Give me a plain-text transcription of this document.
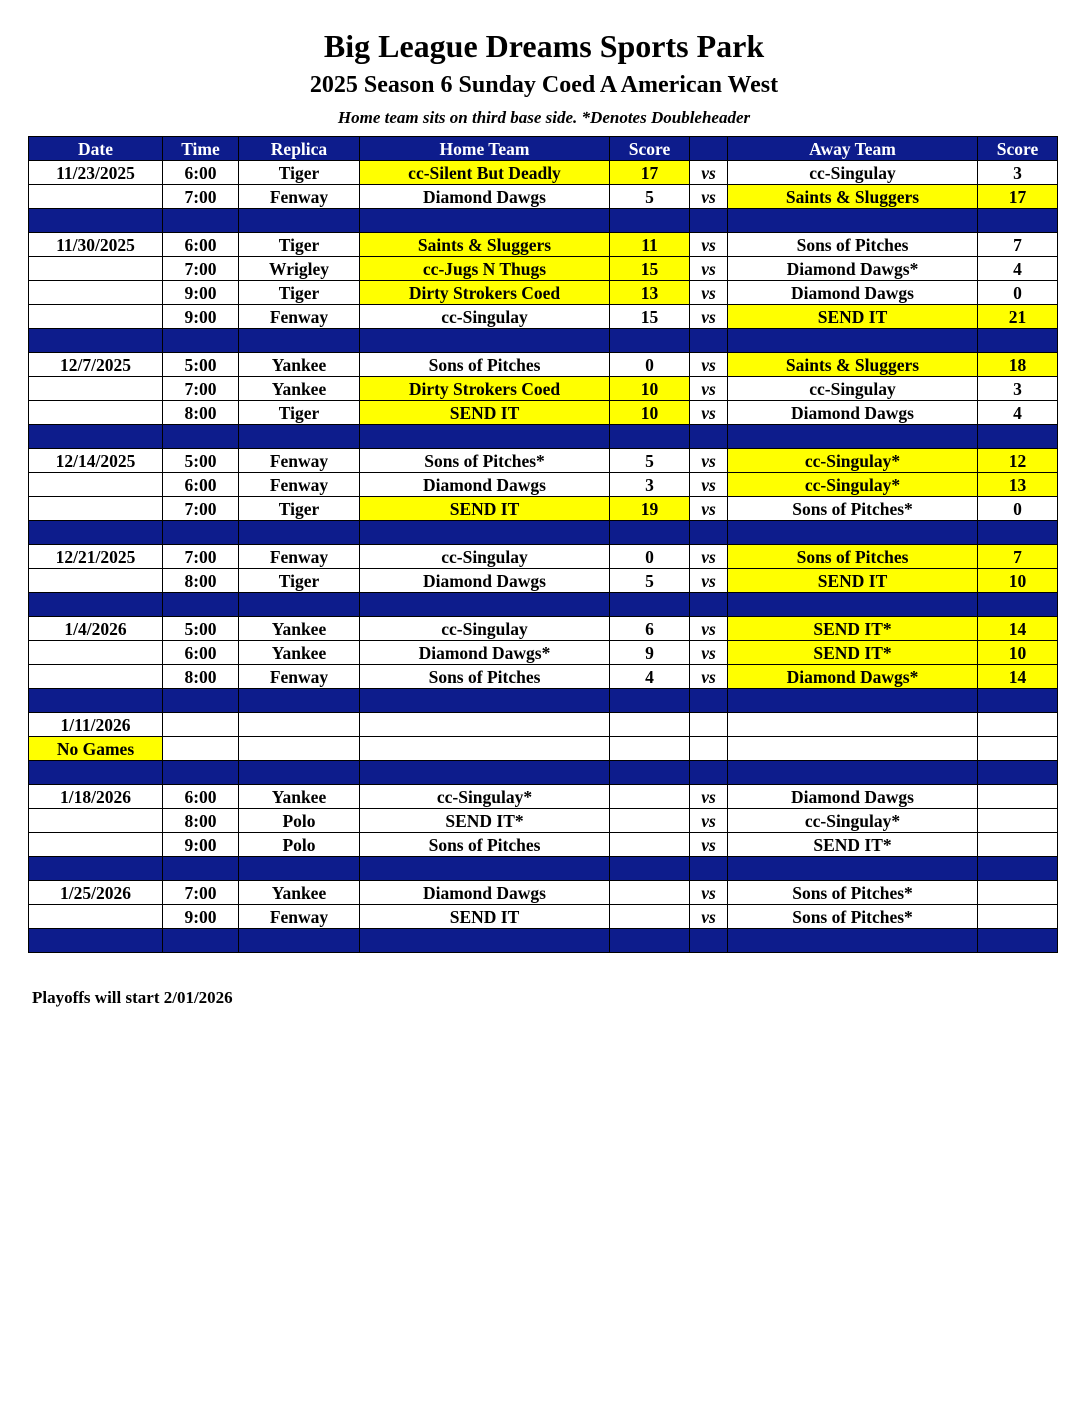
Big League Dreams Sports Park
2025 Season 6 Sunday Coed A American West
Home team sits on third base side. *Denotes Doubleheader
Date	Time	Replica	Home Team	Score		Away Team	Score
11/23/2025	6:00	Tiger	cc-Silent But Deadly	17	vs	cc-Singulay	3
	7:00	Fenway	Diamond Dawgs	5	vs	Saints & Sluggers	17

11/30/2025	6:00	Tiger	Saints & Sluggers	11	vs	Sons of Pitches	7
	7:00	Wrigley	cc-Jugs N Thugs	15	vs	Diamond Dawgs*	4
	9:00	Tiger	Dirty Strokers Coed	13	vs	Diamond Dawgs	0
	9:00	Fenway	cc-Singulay	15	vs	SEND IT	21

12/7/2025	5:00	Yankee	Sons of Pitches	0	vs	Saints & Sluggers	18
	7:00	Yankee	Dirty Strokers Coed	10	vs	cc-Singulay	3
	8:00	Tiger	SEND IT	10	vs	Diamond Dawgs	4

12/14/2025	5:00	Fenway	Sons of Pitches*	5	vs	cc-Singulay*	12
	6:00	Fenway	Diamond Dawgs	3	vs	cc-Singulay*	13
	7:00	Tiger	SEND IT	19	vs	Sons of Pitches*	0

12/21/2025	7:00	Fenway	cc-Singulay	0	vs	Sons of Pitches	7
	8:00	Tiger	Diamond Dawgs	5	vs	SEND IT	10

1/4/2026	5:00	Yankee	cc-Singulay	6	vs	SEND IT*	14
	6:00	Yankee	Diamond Dawgs*	9	vs	SEND IT*	10
	8:00	Fenway	Sons of Pitches	4	vs	Diamond Dawgs*	14

1/11/2026							
No Games							

1/18/2026	6:00	Yankee	cc-Singulay*		vs	Diamond Dawgs	
	8:00	Polo	SEND IT*		vs	cc-Singulay*	
	9:00	Polo	Sons of Pitches		vs	SEND IT*	

1/25/2026	7:00	Yankee	Diamond Dawgs		vs	Sons of Pitches*	
	9:00	Fenway	SEND IT		vs	Sons of Pitches*	

Playoffs will start 2/01/2026
